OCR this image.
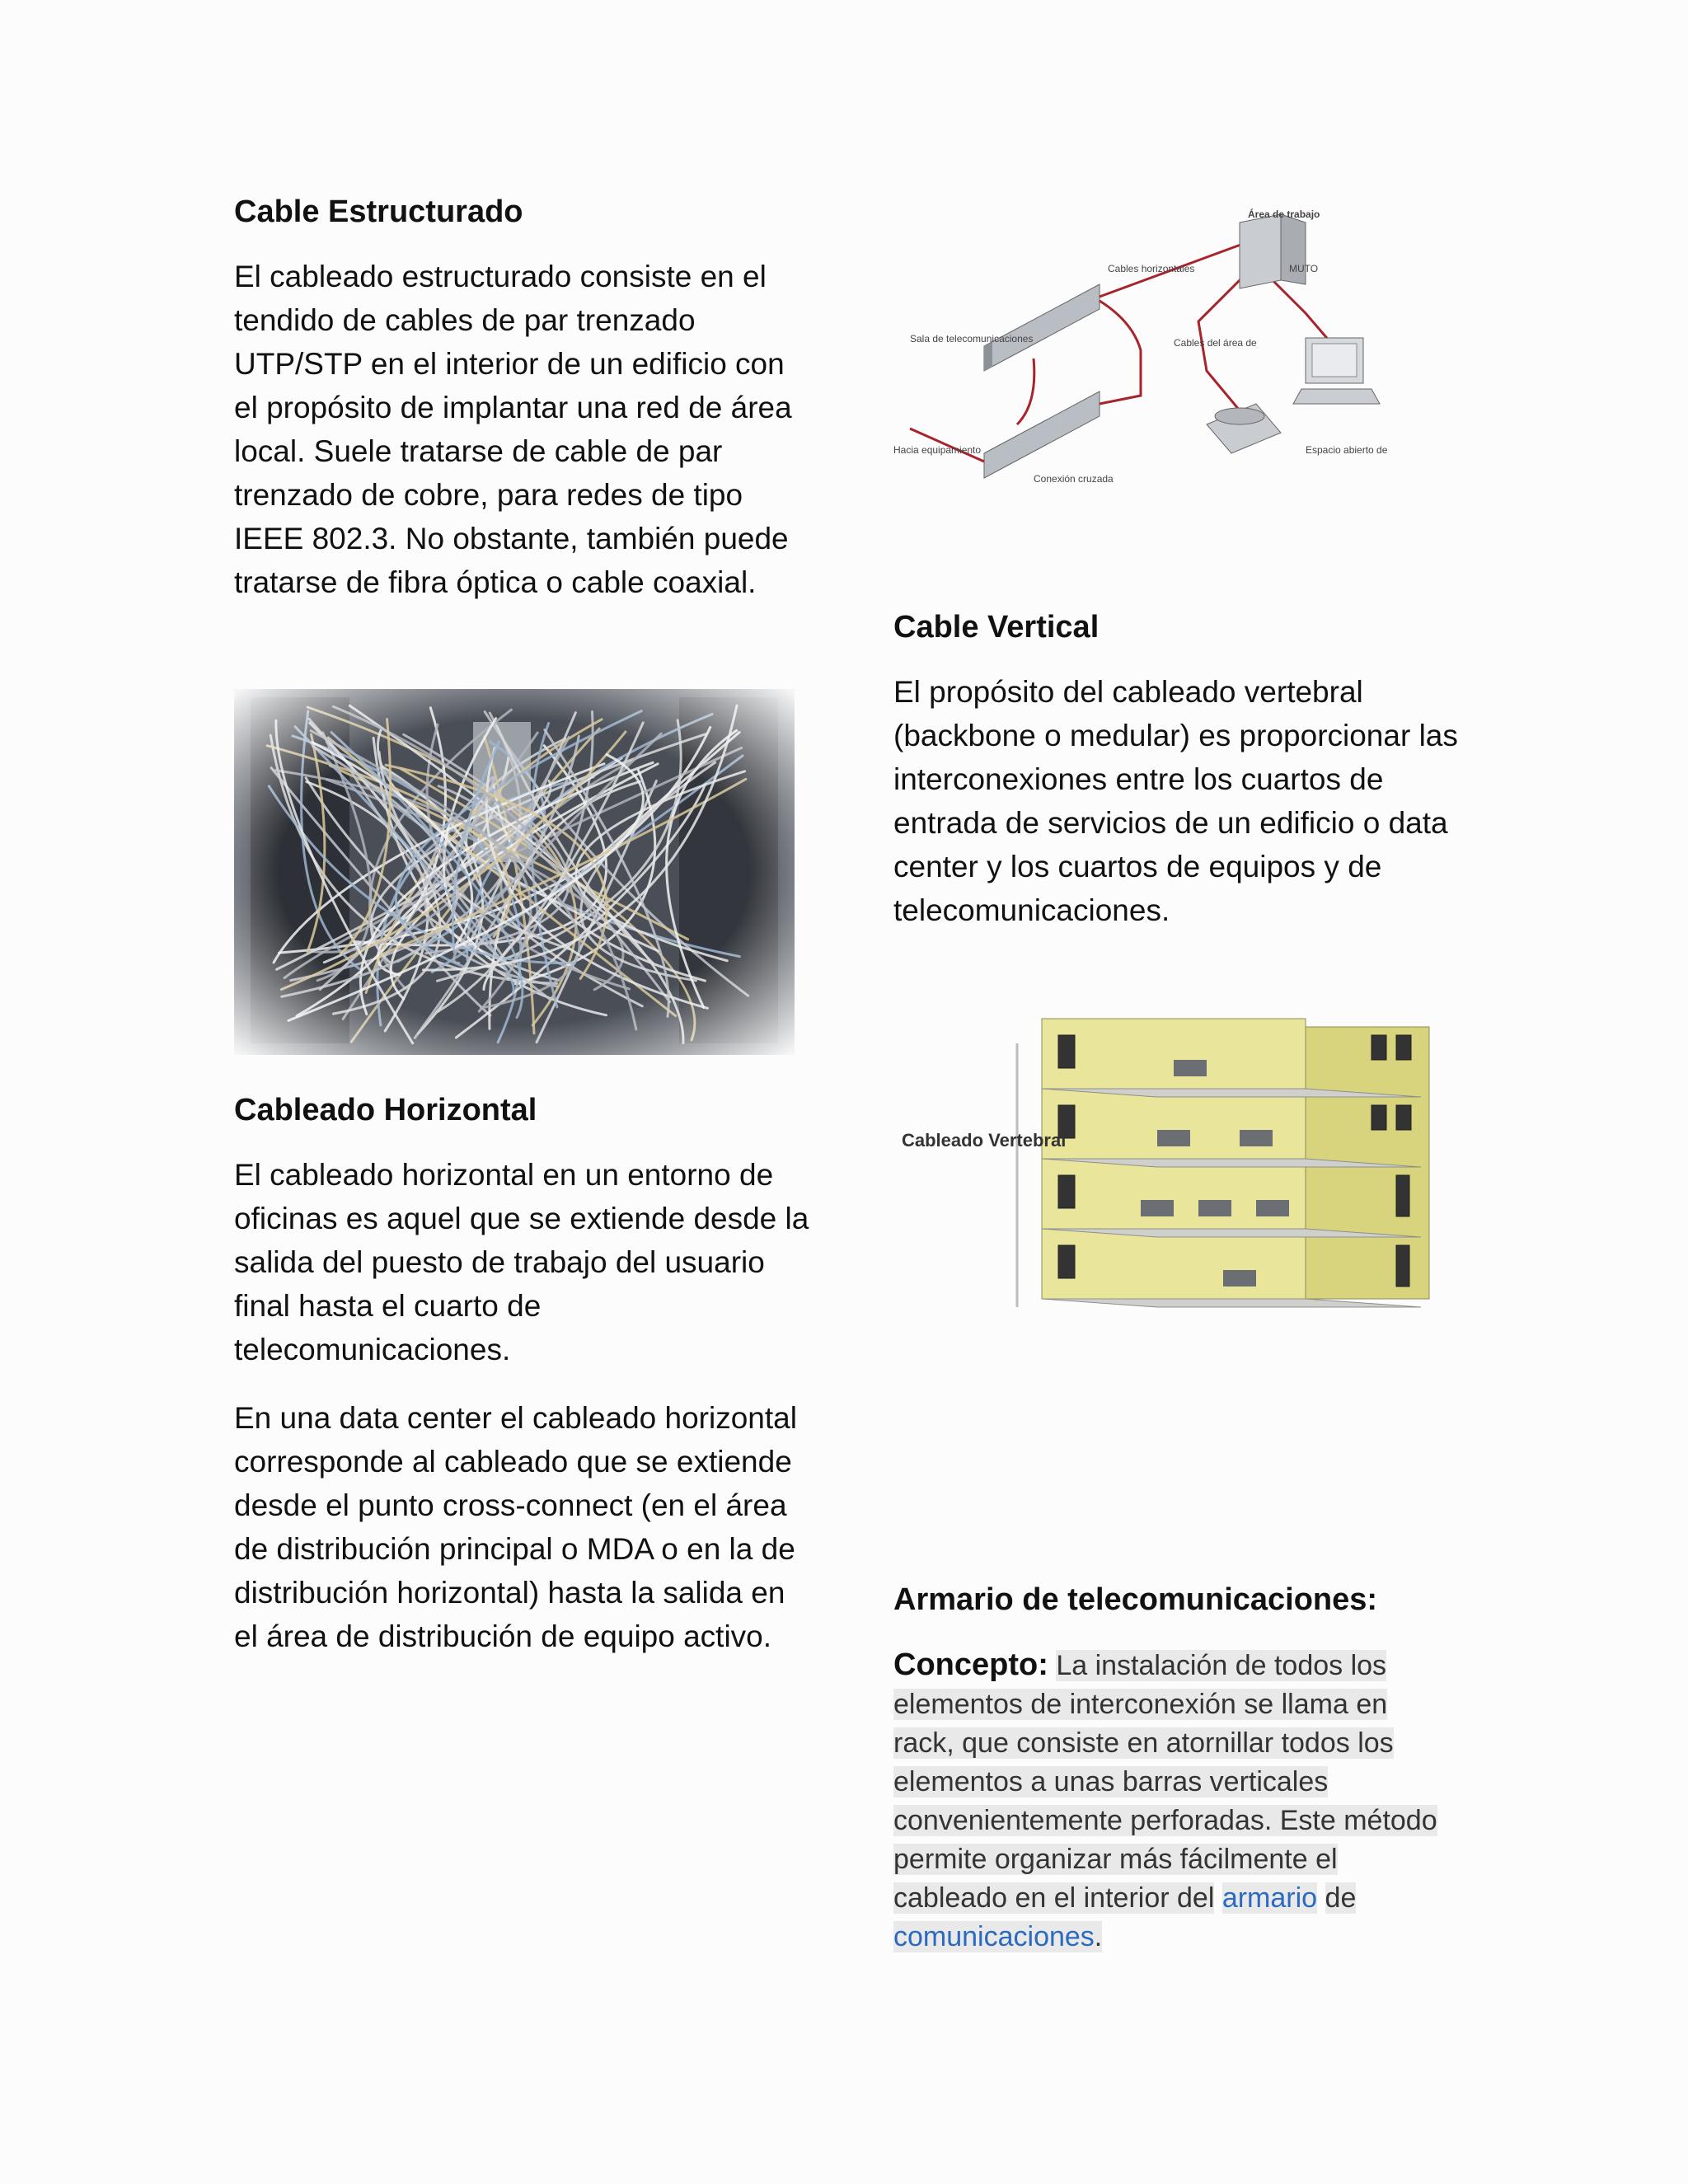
Cable Estructurado

El cableado estructurado consiste en el tendido de cables de par trenzado UTP/STP en el interior de un edificio con el propósito de implantar una red de área local. Suele tratarse de cable de par trenzado de cobre, para redes de tipo IEEE 802.3. No obstante, también puede tratarse de fibra óptica o cable coaxial.

Cableado Horizontal

El cableado horizontal en un entorno de oficinas es aquel que se extiende desde la salida del puesto de trabajo del usuario final hasta el cuarto de telecomunicaciones.

En una data center el cableado horizontal corresponde al cableado que se extiende desde el punto cross-connect (en el área de distribución principal o MDA o en la de distribución horizontal) hasta la salida en el área de distribución de equipo activo.

Área de trabajo
MUTO
Cables horizontales
Sala de telecomunicaciones	Cables del área de
Hacia equipamiento
Conexión cruzada
Espacio abierto de
Cable Vertical

El propósito del cableado vertebral (backbone o medular) es proporcionar las interconexiones entre los cuartos de entrada de servicios de un edificio o data center y los cuartos de equipos y de telecomunicaciones.

Cableado Vertebral
Armario de telecomunicaciones:
Concepto: La instalación de todos los elementos de interconexión se llama en rack, que consiste en atornillar todos los elementos a unas barras verticales convenientemente perforadas. Este método permite organizar más fácilmente el cableado en el interior del armario de comunicaciones.
